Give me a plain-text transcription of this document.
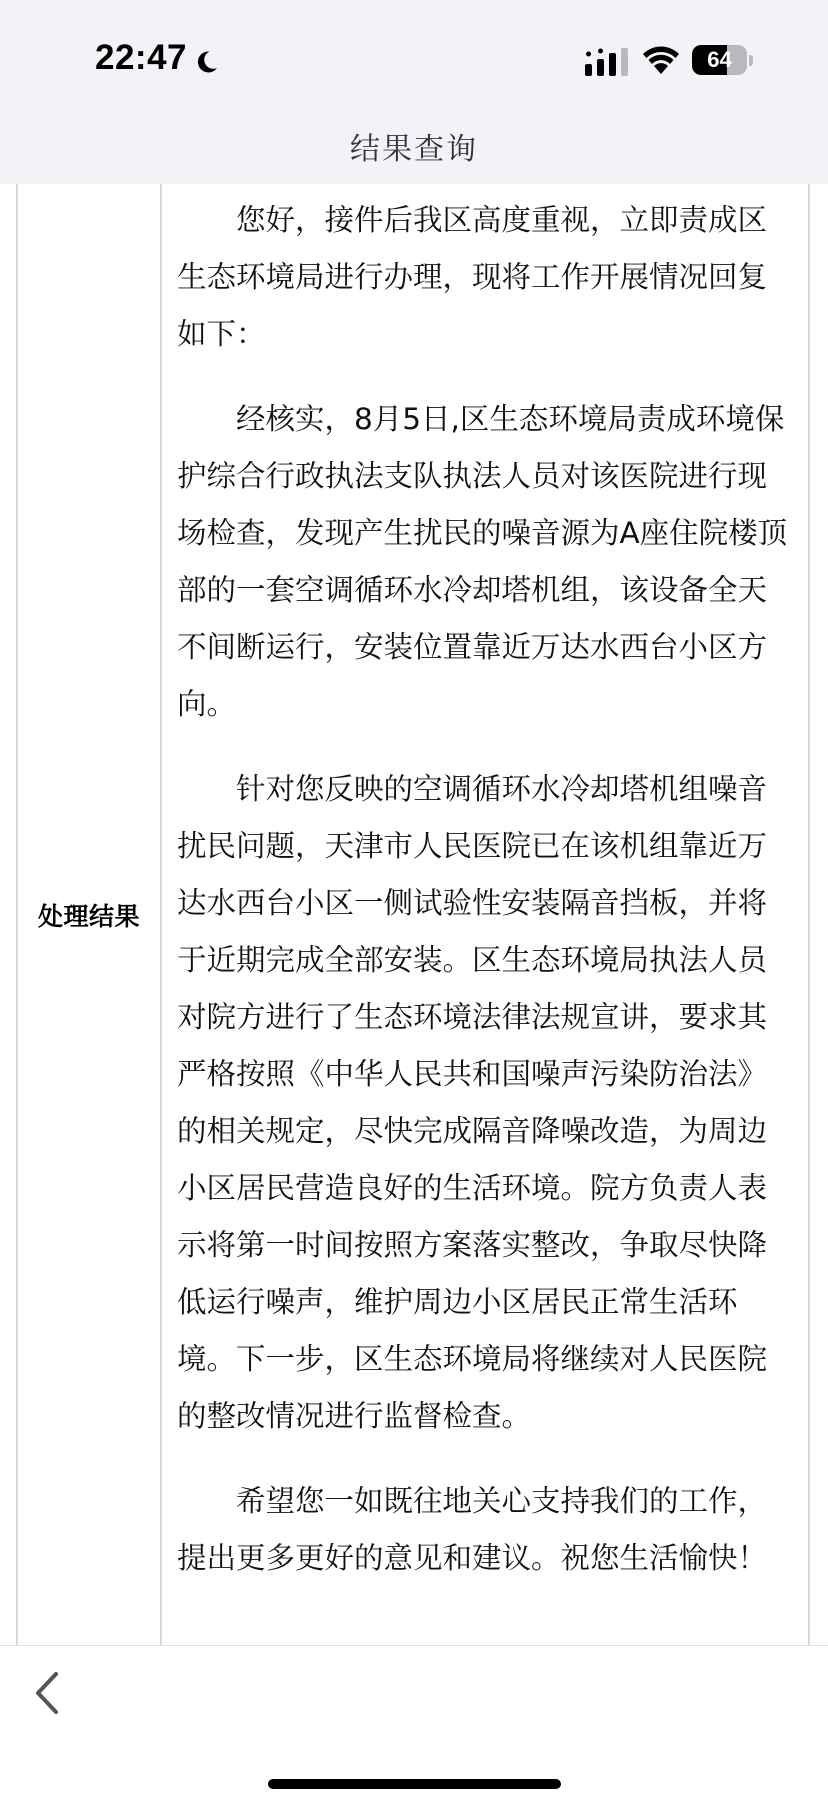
22:47	64
结果查询
处理结果

您好，接件后我区高度重视，立即责成区生态环境局进行办理，现将工作开展情况回复如下：

经核实，8月5日,区生态环境局责成环境保护综合行政执法支队执法人员对该医院进行现场检查，发现产生扰民的噪音源为A座住院楼顶部的一套空调循环水冷却塔机组，该设备全天不间断运行，安装位置靠近万达水西台小区方向。

针对您反映的空调循环水冷却塔机组噪音扰民问题，天津市人民医院已在该机组靠近万达水西台小区一侧试验性安装隔音挡板，并将于近期完成全部安装。区生态环境局执法人员对院方进行了生态环境法律法规宣讲，要求其严格按照《中华人民共和国噪声污染防治法》的相关规定，尽快完成隔音降噪改造，为周边小区居民营造良好的生活环境。院方负责人表示将第一时间按照方案落实整改，争取尽快降低运行噪声，维护周边小区居民正常生活环境。下一步，区生态环境局将继续对人民医院的整改情况进行监督检查。

希望您一如既往地关心支持我们的工作，提出更多更好的意见和建议。祝您生活愉快！
